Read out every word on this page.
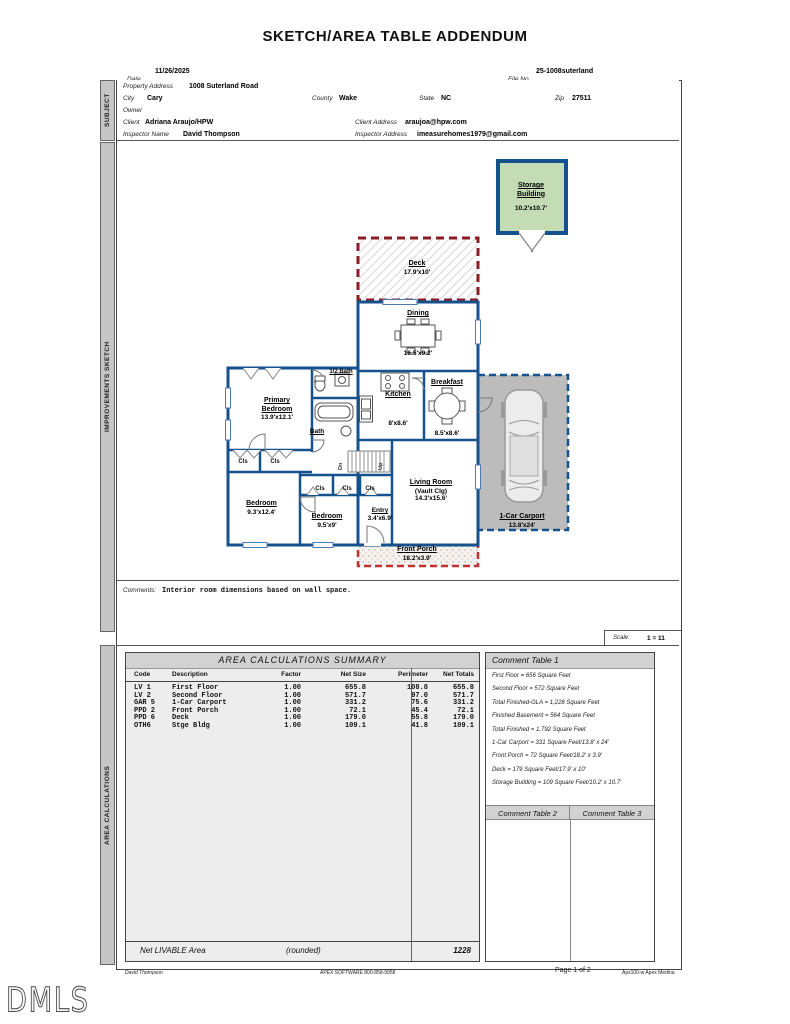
SKETCH/AREA TABLE ADDENDUM
11/26/2025	25-1008suterland
SUBJECT
IMPROVEMENTS SKETCH
AREA CALCULATIONS
Property Address 1008 Suterland Road
City Cary	County Wake	State NC	Zip 27511
Owner
Client Adriana Araujo/HPW	Client Address araujoa@hpw.com
Inspector Name David Thompson	Inspector Address imeasurehomes1979@gmail.com
Storage Building
10.2'x10.7'
Deck
17.9'x10'
Dining
16.5'x9.2'
Kitchen
8'x8.6'
Breakfast
8.5'x8.6'
1/2 Bath
Bath
Primary Bedroom
13.9'x12.1'
Bedroom
9.3'x12.4'
Bedroom
9.5'x9'
Living Room
(Vault Clg)
14.3'x15.6'
Entry
3.4'x6.9'
Front Porch
18.2'x3.9'
1-Car Carport
13.8'x24'
Cls	Cls
Cls	Cls	Cls
Dn	Up
Comments: Interior room dimensions based on wall space.
Scale:	1 = 11
AREA CALCULATIONS SUMMARY
Code	Description	Factor	Net Size	Perimeter	Net Totals
LV 1	First Floor	1.00	655.8	108.8	655.8
LV 2	Second Floor	1.00	571.7	97.0	571.7
GAR 5 1-Car Carport	1.00	331.2	75.6	331.2
PPD 2 Front Porch	1.00	72.1	45.4	72.1
PPD 6 Deck	1.00	179.0	55.8	179.0
OTH6	Stge Bldg	1.00	109.1	41.8	109.1
Net LIVABLE Area	(rounded)	1228
Comment Table 1
First Floor = 656 Square Feet
Second Floor = 572 Square Feet
Total Finished-GLA = 1,228 Square Feet
Finished Basement = 564 Square Feet
Total Finished = 1,792 Square Feet
1-Car Carport = 331 Square Feet/13.8' x 24'
Front Porch = 72 Square Feet/18.2' x 3.9'
Deck = 179 Square Feet/17.9' x 10'
Storage Building = 109 Square Feet/10.2' x 10.7'
Comment Table 2	Comment Table 3
David Thompson	APEX SOFTWARE 800-858-9958	Page 1 of 2	Apx100-w Apex Medina
DMLS
